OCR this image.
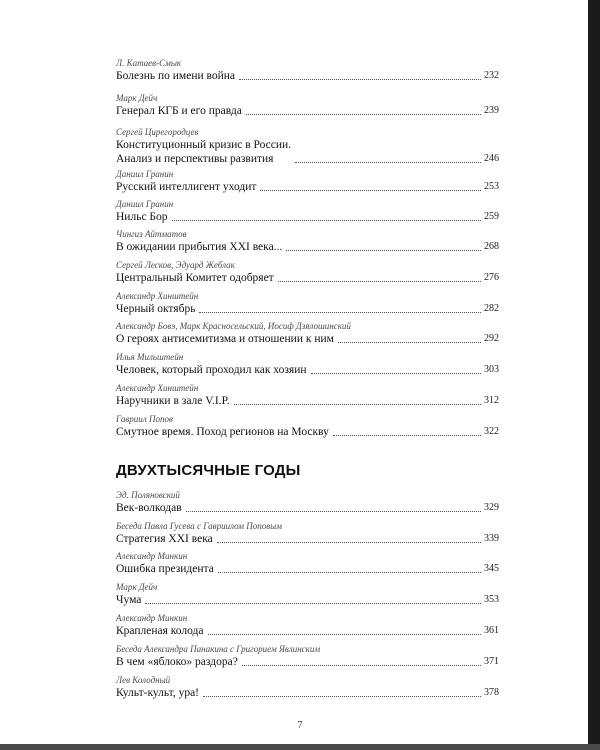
Л. Катаев-Смык
Болезнь по имени война	232
Марк Дейч
Генерал КГБ и его правда	239
Сергей Цирегородцев
Конституционный кризис в России.
Анализ и перспективы развития	246
Даниил Гранин
Русский интеллигент уходит	253
Даниил Гранин
Нильс Бор	259
Чингиз Айтматов
В ожидании прибытия XXI века...	268
Сергей Лесков, Эдуард Жеблак
Центральный Комитет одобряет	276
Александр Хинштейн
Черный октябрь	282
Александр Бовэ, Марк Красносельский, Иосиф Дзялошинский
О героях антисемитизма и отношении к ним	292
Илья Мильштейн
Человек, который проходил как хозяин	303
Александр Хинштейн
Наручники в зале V.I.P.	312
Гавриил Попов
Смутное время. Поход регионов на Москву	322
Эд. Поляновский
Век-волкодав	329
Беседа Павла Гусева с Гавриилом Поповым
Стратегия XXI века	339
Александр Минкин
Ошибка президента	345
Марк Дейч
Чума	353
Александр Минкин
Крапленая колода	361
Беседа Александра Панакина с Григорием Явлинским
В чем «яблоко» раздора?	371
Лев Колодный
Культ-культ, ура!	378
ДВУХТЫСЯЧНЫЕ ГОДЫ
7
